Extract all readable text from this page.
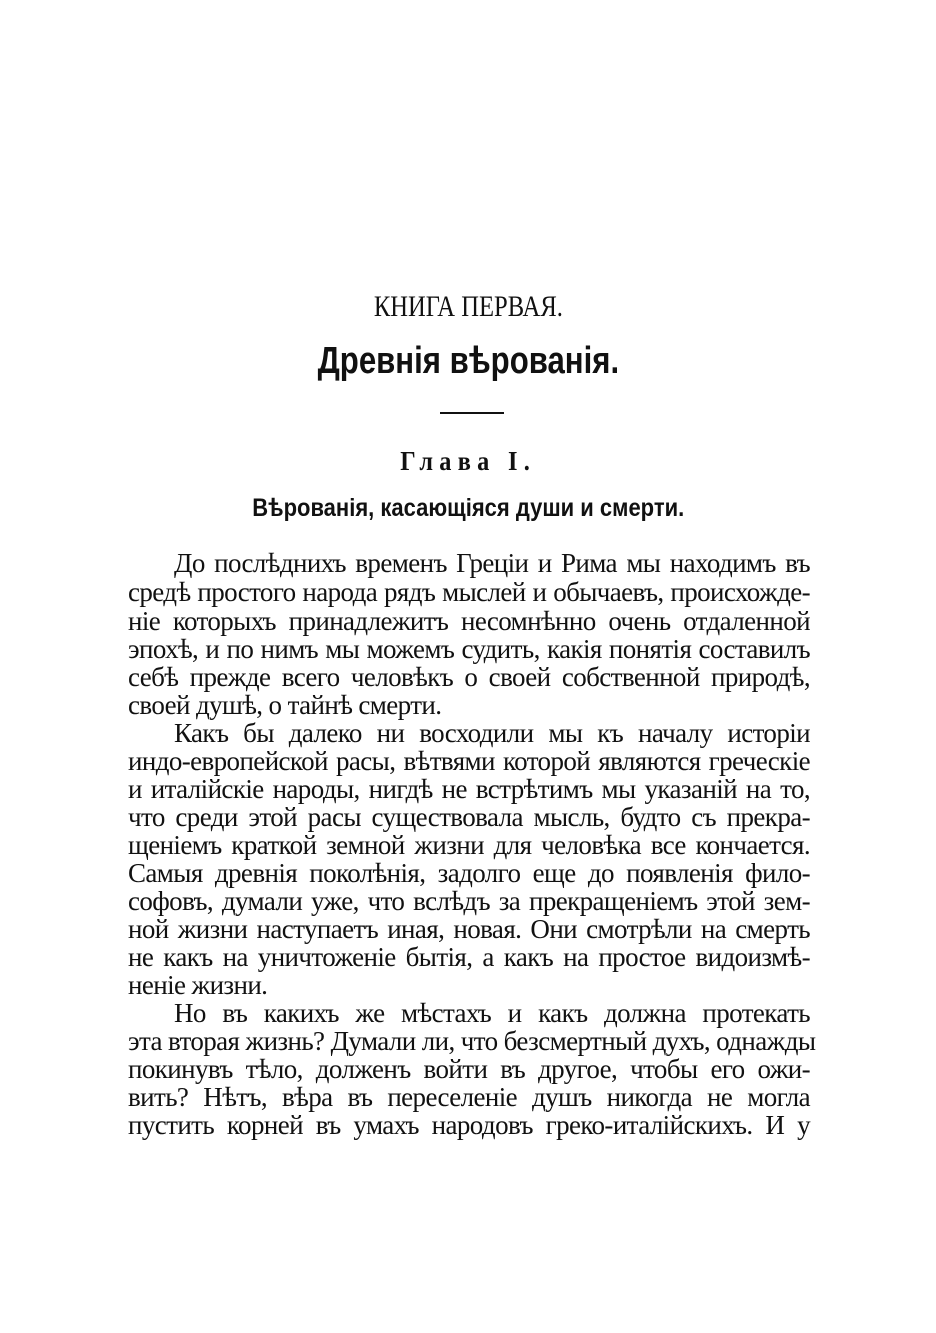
КНИГА ПЕРВАЯ.
Древнія вѣрованія.
Глава I.
Вѣрованія, касающіяся души и смерти.
До послѣднихъ временъ Греціи и Рима мы находимъ въ
средѣ простого народа рядъ мыслей и обычаевъ, происхожде-
ніе которыхъ принадлежитъ несомнѣнно очень отдаленной
эпохѣ, и по нимъ мы можемъ судить, какія понятія составилъ
себѣ прежде всего человѣкъ о своей собственной природѣ,
своей душѣ, о тайнѣ смерти.
Какъ бы далеко ни восходили мы къ началу исторіи
индо-европейской расы, вѣтвями которой являются греческіе
и италійскіе народы, нигдѣ не встрѣтимъ мы указаній на то,
что среди этой расы существовала мысль, будто съ прекра-
щеніемъ краткой земной жизни для человѣка все кончается.
Самыя древнія поколѣнія, задолго еще до появленія фило-
софовъ, думали уже, что вслѣдъ за прекращеніемъ этой зем-
ной жизни наступаетъ иная, новая. Они смотрѣли на смерть
не какъ на уничтоженіе бытія, а какъ на простое видоизмѣ-
неніе жизни.
Но въ какихъ же мѣстахъ и какъ должна протекать
эта вторая жизнь? Думали ли, что безсмертный духъ, однажды
покинувъ тѣло, долженъ войти въ другое, чтобы его ожи-
вить? Нѣтъ, вѣра въ переселеніе душъ никогда не могла
пустить корней въ умахъ народовъ греко-италійскихъ. И у
